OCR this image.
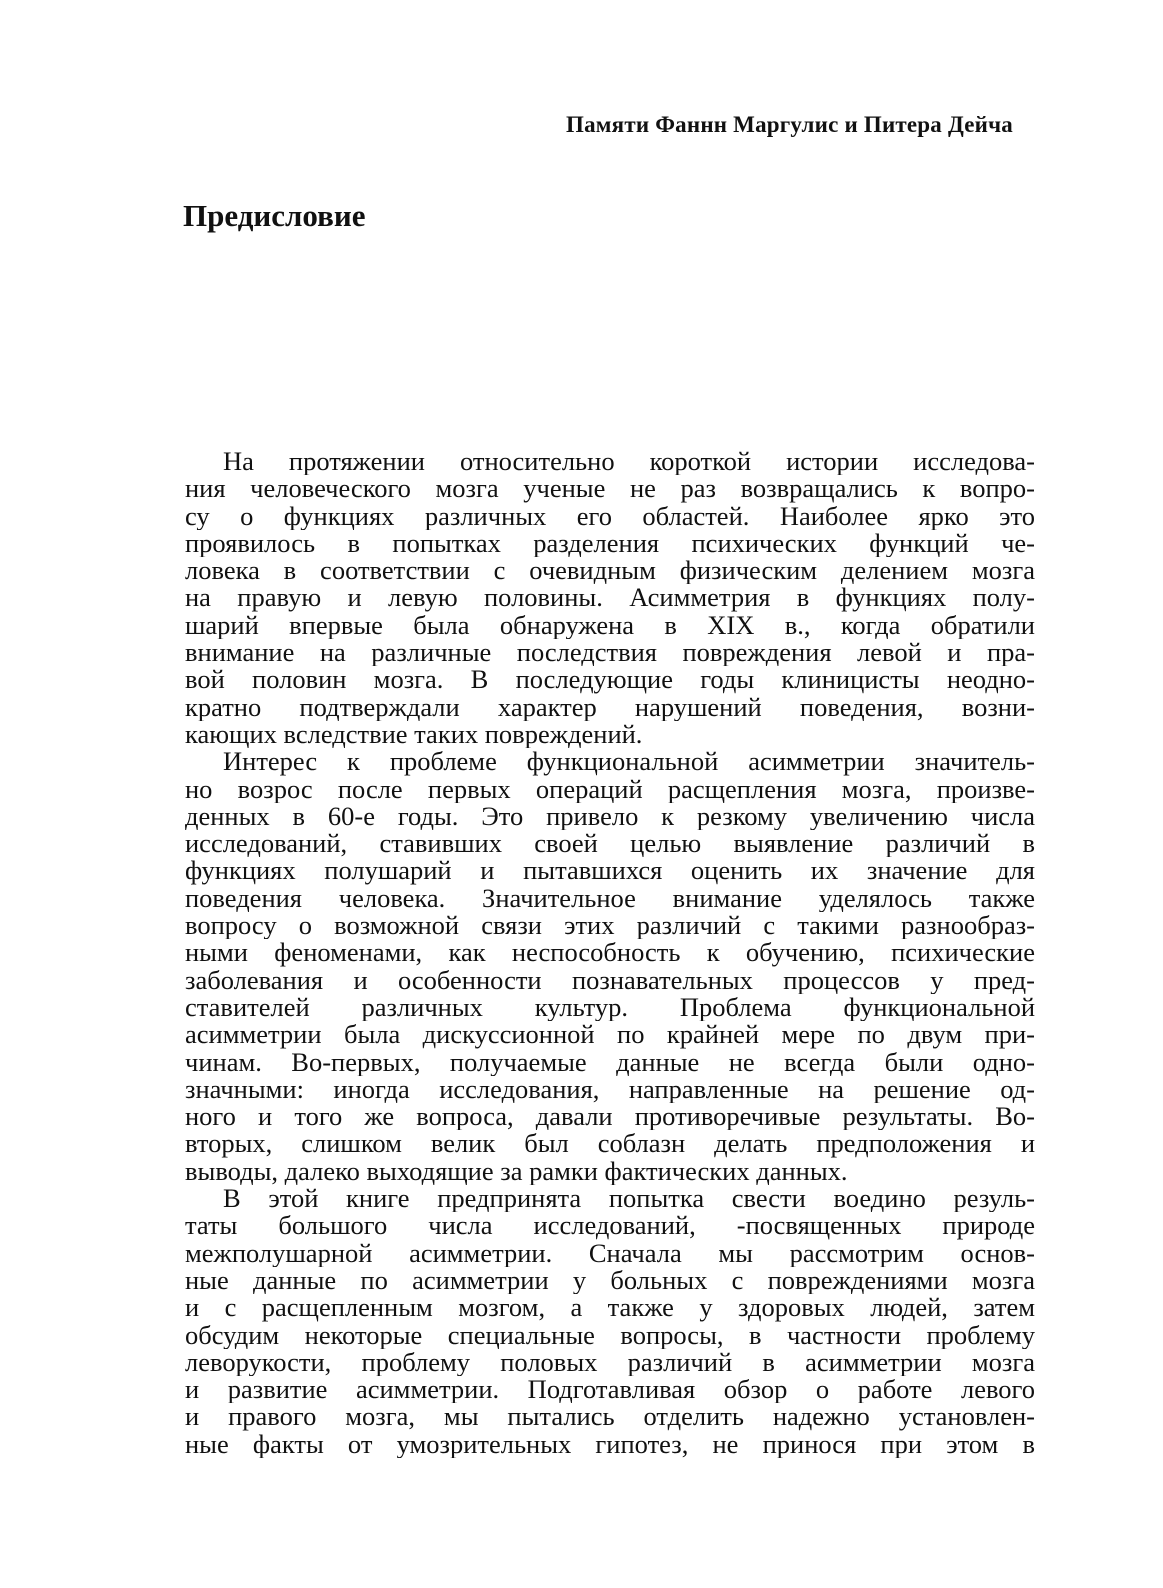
Памяти Фаннн Маргулис и Питера Дейча
Предисловие
На протяжении относительно короткой истории исследова-
ния человеческого мозга ученые не раз возвращались к вопро-
су о функциях различных его областей. Наиболее ярко это
проявилось в попытках разделения психических функций че-
ловека в соответствии с очевидным физическим делением мозга
на правую и левую половины. Асимметрия в функциях полу-
шарий впервые была обнаружена в XIX в., когда обратили
внимание на различные последствия повреждения левой и пра-
вой половин мозга. В последующие годы клиницисты неодно-
кратно подтверждали характер нарушений поведения, возни-
кающих вследствие таких повреждений.
Интерес к проблеме функциональной асимметрии значитель-
но возрос после первых операций расщепления мозга, произве-
денных в 60-е годы. Это привело к резкому увеличению числа
исследований, ставивших своей целью выявление различий в
функциях полушарий и пытавшихся оценить их значение для
поведения человека. Значительное внимание уделялось также
вопросу о возможной связи этих различий с такими разнообраз-
ными феноменами, как неспособность к обучению, психические
заболевания и особенности познавательных процессов у пред-
ставителей различных культур. Проблема функциональной
асимметрии была дискуссионной по крайней мере по двум при-
чинам. Во-первых, получаемые данные не всегда были одно-
значными: иногда исследования, направленные на решение од-
ного и того же вопроса, давали противоречивые результаты. Во-
вторых, слишком велик был соблазн делать предположения и
выводы, далеко выходящие за рамки фактических данных.
В этой книге предпринята попытка свести воедино резуль-
таты большого числа исследований, -посвященных природе
межполушарной асимметрии. Сначала мы рассмотрим основ-
ные данные по асимметрии у больных с повреждениями мозга
и с расщепленным мозгом, а также у здоровых людей, затем
обсудим некоторые специальные вопросы, в частности проблему
леворукости, проблему половых различий в асимметрии мозга
и развитие асимметрии. Подготавливая обзор о работе левого
и правого мозга, мы пытались отделить надежно установлен-
ные факты от умозрительных гипотез, не принося при этом в
